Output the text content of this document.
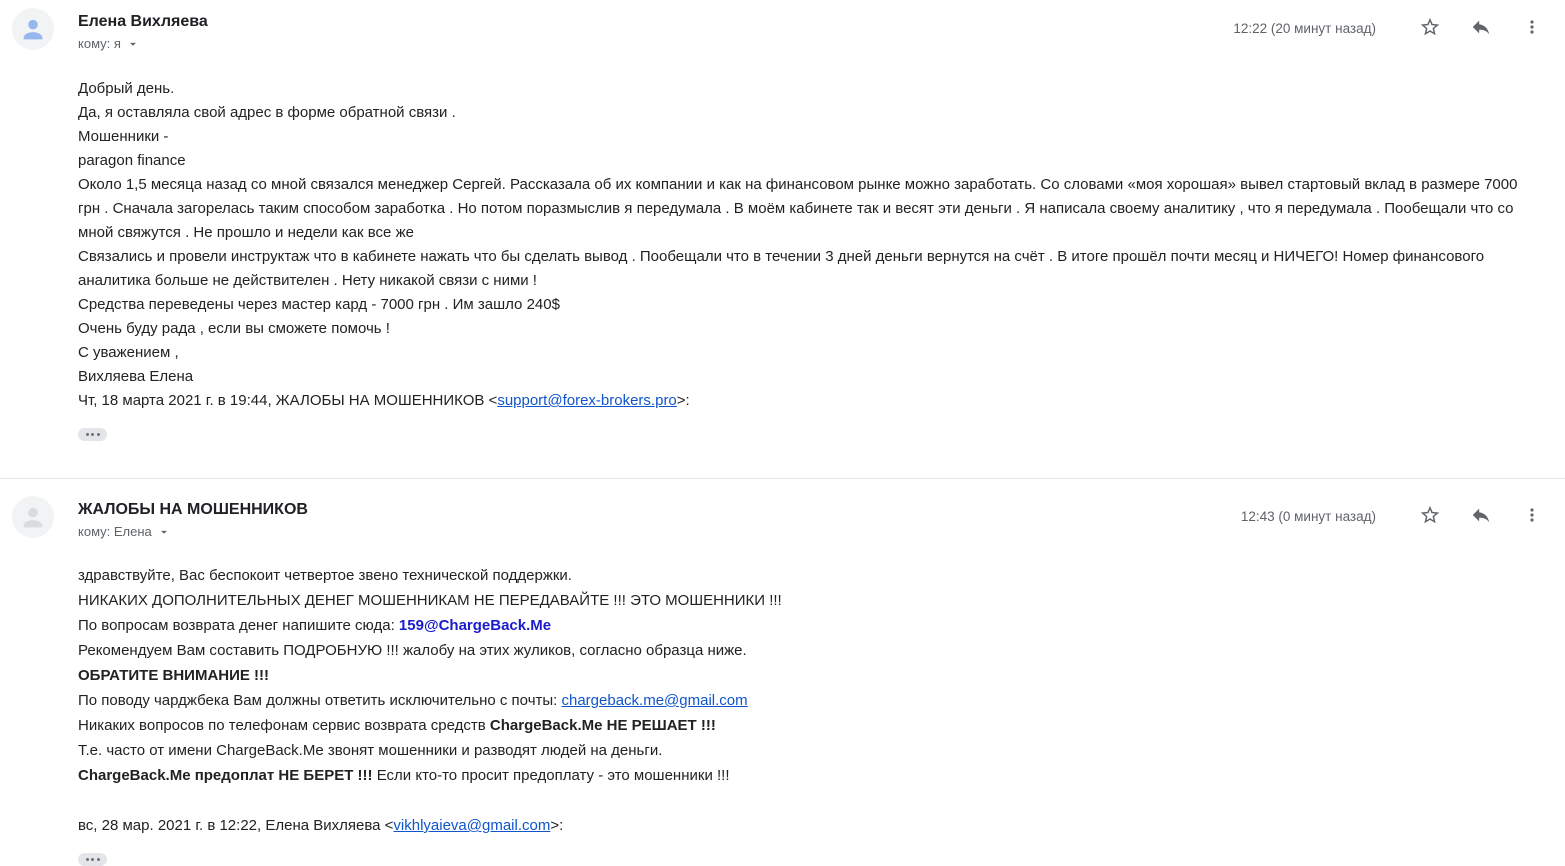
Елена Вихляева
кому: я
12:22 (20 минут назад)
Добрый день.
Да, я оставляла свой адрес в форме обратной связи .
Мошенники -
paragon finance
Около 1,5 месяца назад со мной связался менеджер Сергей. Рассказала об их компании и как на финансовом рынке можно заработать. Со словами «моя хорошая» вывел стартовый вклад в размере 7000 грн . Сначала загорелась таким способом заработка . Но потом поразмыслив я передумала . В моём кабинете так и весят эти деньги . Я написала своему аналитику , что я передумала . Пообещали что со мной свяжутся . Не прошло и недели как все же
Связались и провели инструктаж что в кабинете нажать что бы сделать вывод . Пообещали что в течении 3 дней деньги вернутся на счёт . В итоге прошёл почти месяц и НИЧЕГО! Номер финансового аналитика больше не действителен . Нету никакой связи с ними !
Средства переведены через мастер кард - 7000 грн . Им зашло 240$
Очень буду рада , если вы сможете помочь !
С уважением ,
Вихляева Елена
Чт, 18 марта 2021 г. в 19:44, ЖАЛОБЫ НА МОШЕННИКОВ <support@forex-brokers.pro>:
ЖАЛОБЫ НА МОШЕННИКОВ
кому: Елена
12:43 (0 минут назад)
здравствуйте, Вас беспокоит четвертое звено технической поддержки.
НИКАКИХ ДОПОЛНИТЕЛЬНЫХ ДЕНЕГ МОШЕННИКАМ НЕ ПЕРЕДАВАЙТЕ !!! ЭТО МОШЕННИКИ !!!
По вопросам возврата денег напишите сюда: 159@ChargeBack.Me
Рекомендуем Вам составить ПОДРОБНУЮ !!! жалобу на этих жуликов, согласно образца ниже.
ОБРАТИТЕ ВНИМАНИЕ !!!
По поводу чарджбека Вам должны ответить исключительно с почты: chargeback.me@gmail.com
Никаких вопросов по телефонам сервис возврата средств ChargeBack.Me НЕ РЕШАЕТ !!!
Т.е. часто от имени ChargeBack.Me звонят мошенники и разводят людей на деньги.
ChargeBack.Me предоплат НЕ БЕРЕТ !!! Если кто-то просит предоплату - это мошенники !!!

вс, 28 мар. 2021 г. в 12:22, Елена Вихляева <vikhlyaieva@gmail.com>:
